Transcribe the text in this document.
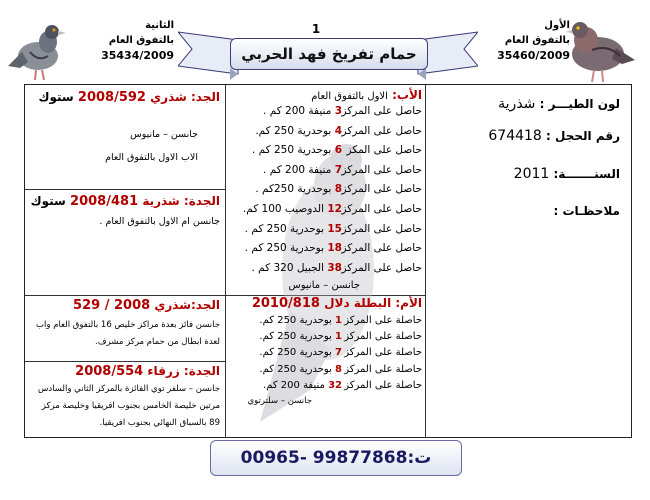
الأول
بالتفوق العام
35460/2009
الثانية
بالتفوق العام
35434/2009
1
حمام تفريخ فهد الحربي
لون الطيـــر : شذرية
رقم الحجل : 674418
السنـــــــة: 2011
ملاحظـات :
الأب: الاول بالتفوق العام
حاصل على المركز
3 منيفة 200 كم .
حاصل على المركز
4 بوحدرية 250 كم.
حاصل على المكز
6 بوحدرية 250 كم .
حاصل على المركز
7 منيفة 200 كم .
حاصل على المركز
8 بوحدرية 250كم .
حاصل على المركز
12 الدوصيب 100 كم.
حاصل على المركز
15 بوحدرية 250 كم .
حاصل على المركز
18 بوحدرية 250 كم .
حاصل على المركز
38 الجبيل 320 كم .
جانسن – مانيوس
الأم: البطلة دلال 2010/818
حاصلة على المركز
1 بوحدرية 250 كم.
حاصلة على المركز
1 بوحدرية 250 كم.
حاصلة على المركز
7 بوحدرية 250 كم.
حاصلة على المركز
8 بوحدرية 250 كم.
حاصلة على المركز
32 منيفة 200 كم.
جانسن – سلترتوي
الجد: شذري 2008/592 ستوك
جانسن – مانيوس
الاب الاول بالتفوق العام
الجدة: شذرية 2008/481 ستوك
جانسن ام الاول بالتفوق العام .
الجد:شذري 2008 / 529
جانسن فائز بعدة مراكز خليص 16 بالتفوق العام واب
لعدة ابطال من حمام مركز مشرف.
الجدة: زرقاء 2008/554
جانسن – سلفر توي الفائزة بالمركز الثاني والسادس
مرتين خليصة الخامس بجنوب افريقيا وخليصة مركز
89 بالسباق النهائي بجنوب افريقيا.
ت:99877868 -00965
